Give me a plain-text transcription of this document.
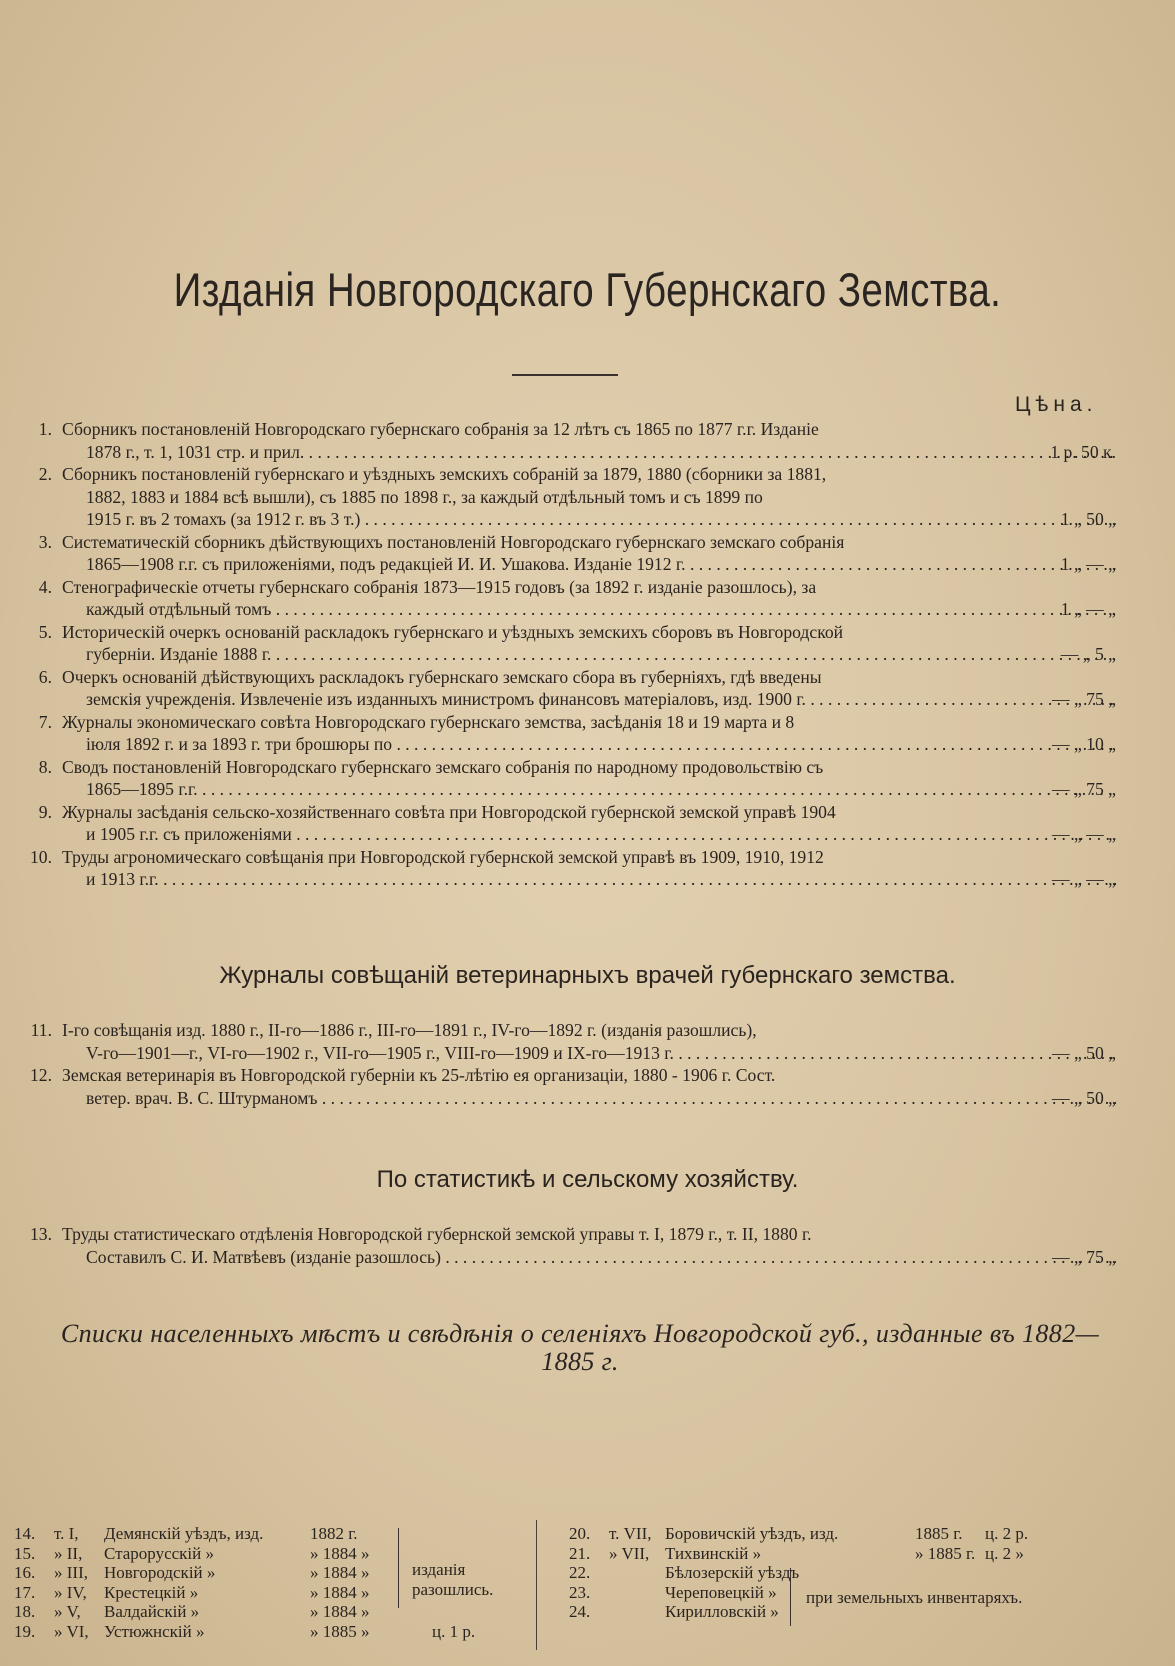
Изданія Новгородскаго Губернскаго Земства.
Цѣна.
1. Сборникъ постановленій Новгородскаго губернскаго собранія за 12 лѣтъ съ 1865 по 1877 г.г. Изданіе
1878 г., т. 1, 1031 стр. и прил. . . .	1 р. 50 к.
2. Сборникъ постановленій губернскаго и уѣздныхъ земскихъ собраній за 1879, 1880 (сборники за 1881,
1882, 1883 и 1884 всѣ вышли), съ 1885 по 1898 г., за каждый отдѣльный томъ и съ 1899 по
1915 г. въ 2 томахъ (за 1912 г. въ 3 т.) . . .	1 „ 50 „
3. Систематическій сборникъ дѣйствующихъ постановленій Новгородскаго губернскаго земскаго собранія
1865—1908 г.г. съ приложеніями, подъ редакціей И. И. Ушакова. Изданіе 1912 г. . . .	1 „ — „
4. Стенографическіе отчеты губернскаго собранія 1873—1915 годовъ (за 1892 г. изданіе разошлось), за
каждый отдѣльный томъ . . .	1 „ — „
5. Историческій очеркъ основаній раскладокъ губернскаго и уѣздныхъ земскихъ сборовъ въ Новгородской
губерніи. Изданіе 1888 г. . . .	— „ 5 „
6. Очеркъ основаній дѣйствующихъ раскладокъ губернскаго земскаго сбора въ губерніяхъ, гдѣ введены
земскія учрежденія. Извлеченіе изъ изданныхъ министромъ финансовъ матеріаловъ, изд. 1900 г. . . .	— „ 75 „
7. Журналы экономическаго совѣта Новгородскаго губернскаго земства, засѣданія 18 и 19 марта и 8
іюля 1892 г. и за 1893 г. три брошюры по . . .	— „ 10 „
8. Сводъ постановленій Новгородскаго губернскаго земскаго собранія по народному продовольствію съ
1865—1895 г.г. . . .	— „ 75 „
9. Журналы засѣданія сельско-хозяйственнаго совѣта при Новгородской губернской земской управѣ 1904
и 1905 г.г. съ приложеніями . . .	— „ — „
10. Труды агрономическаго совѣщанія при Новгородской губернской земской управѣ въ 1909, 1910, 1912
и 1913 г.г. . . .	— „ — „
Журналы совѣщаній ветеринарныхъ врачей губернскаго земства.
11. I-го совѣщанія изд. 1880 г., II-го—1886 г., III-го—1891 г., IV-го—1892 г. (изданія разошлись),
V-го—1901—г., VI-го—1902 г., VII-го—1905 г., VIII-го—1909 и IX-го—1913 г. . . .	— „ 50 „
12. Земская ветеринарія въ Новгородской губерніи къ 25-лѣтію ея организаціи, 1880 - 1906 г. Сост.
ветер. врач. В. С. Штурманомъ . . .	— „ 50 „
По статистикѣ и сельскому хозяйству.
13. Труды статистическаго отдѣленія Новгородской губернской земской управы т. I, 1879 г., т. II, 1880 г.
Составилъ С. И. Матвѣевъ (изданіе разошлось) . . .	— „ 75 „
Списки населенныхъ мѣстъ и свѣдѣнія о селеніяхъ Новгородской губ., изданные въ 1882—1885 г.
14. т. I, Демянскій уѣздъ, изд.	1882 г.
15. » II, Старорусскій »	» 1884 »
16. » III, Новгородскій »	» 1884 »
17. » IV, Крестецкій »	» 1884 »
18. » V, Валдайскій »	» 1884 »
19. » VI, Устюжнскій »	» 1885 »
20. т. VII, Боровичскій уѣздъ, изд.	1885 г. ц. 2 р.
21. » VII, Тихвинскій »	» 1885 г. ц. 2 »
22.	Бѣлозерскій уѣздъ
23.	Череповецкій »
24.	Кирилловскій »
изданія разошлись.
ц. 1 р.
при земельныхъ инвентаряхъ.
